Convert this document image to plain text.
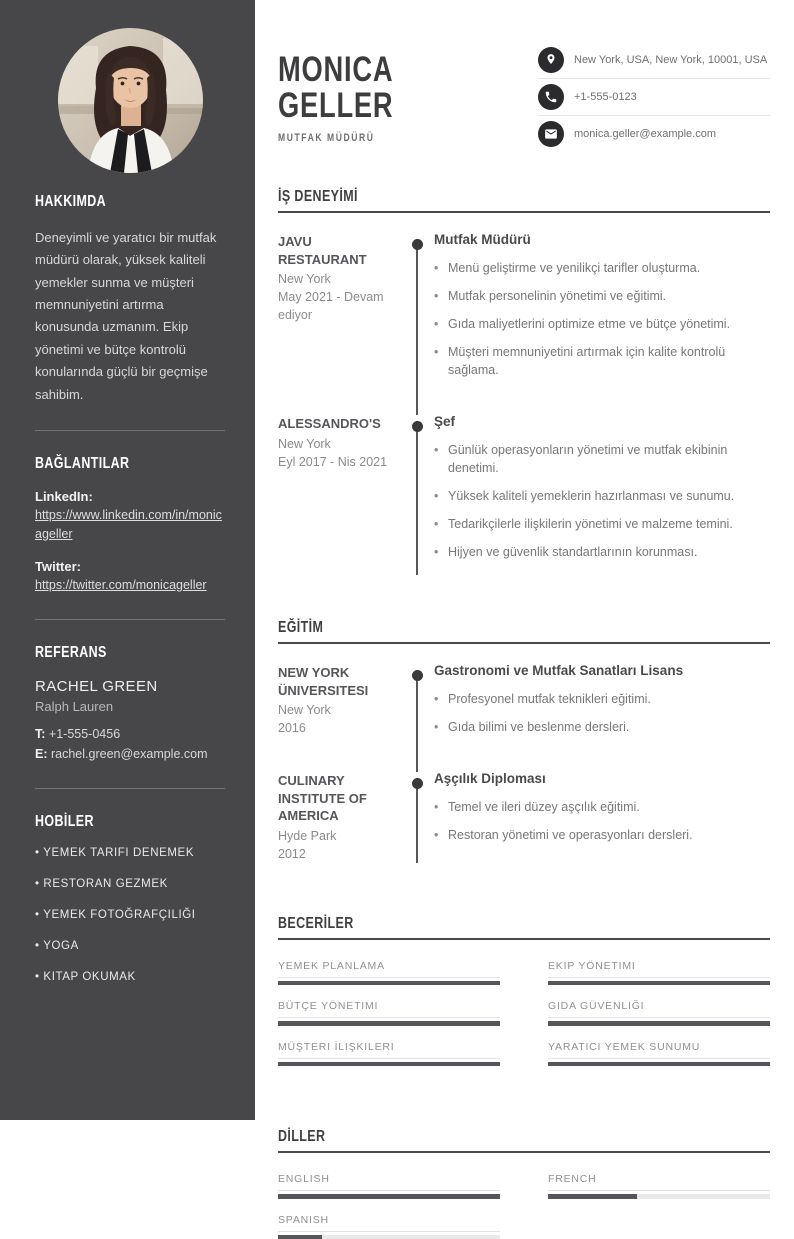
HAKKIMDA

Deneyimli ve yaratıcı bir mutfak müdürü olarak, yüksek kaliteli yemekler sunma ve müşteri memnuniyetini artırma konusunda uzmanım. Ekip yönetimi ve bütçe kontrolü konularında güçlü bir geçmişe sahibim.

BAĞLANTILAR
LinkedIn:
https://www.linkedin.com/in/monicageller
Twitter:
https://twitter.com/monicageller
REFERANS
RACHEL GREEN
Ralph Lauren
T: +1-555-0456
E: rachel.green@example.com
HOBİLER
• YEMEK TARIFI DENEMEK
• RESTORAN GEZMEK
• YEMEK FOTOĞRAFÇILIĞI
• YOGA
• KITAP OKUMAK
MONICA
GELLER
MUTFAK MÜDÜRÜ
New York, USA, New York, 10001, USA
+1-555-0123
monica.geller@example.com
İŞ DENEYİMİ
JAVU RESTAURANT
New York
May 2021 - Devam ediyor
Mutfak Müdürü
• Menü geliştirme ve yenilikçi tarifler oluşturma.
• Mutfak personelinin yönetimi ve eğitimi.
• Gıda maliyetlerini optimize etme ve bütçe yönetimi.
• Müşteri memnuniyetini artırmak için kalite kontrolü sağlama.
ALESSANDRO'S
New York
Eyl 2017 - Nis 2021
Şef
• Günlük operasyonların yönetimi ve mutfak ekibinin denetimi.
• Yüksek kaliteli yemeklerin hazırlanması ve sunumu.
• Tedarikçilerle ilişkilerin yönetimi ve malzeme temini.
• Hijyen ve güvenlik standartlarının korunması.
EĞİTİM
NEW YORK ÜNIVERSITESI
New York
2016
Gastronomi ve Mutfak Sanatları Lisans
• Profesyonel mutfak teknikleri eğitimi.
• Gıda bilimi ve beslenme dersleri.
CULINARY INSTITUTE OF AMERICA
Hyde Park
2012
Aşçılık Diploması
• Temel ve ileri düzey aşçılık eğitimi.
• Restoran yönetimi ve operasyonları dersleri.
BECERİLER
YEMEK PLANLAMA	EKIP YÖNETIMI
BÜTÇE YÖNETIMI	GIDA GÜVENLIĞI
MÜŞTERI İLIŞKILERI	YARATICI YEMEK SUNUMU
DİLLER
ENGLISH	FRENCH
SPANISH
